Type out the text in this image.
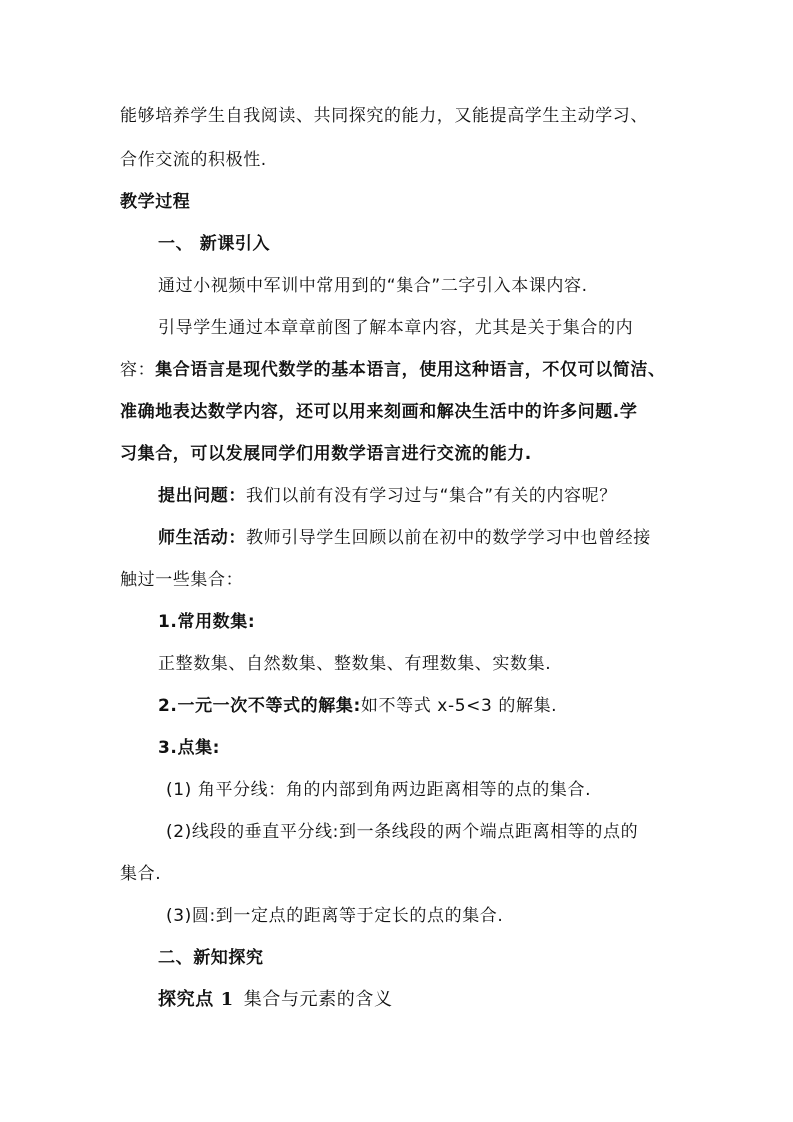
能够培养学生自我阅读、共同探究的能力，又能提高学生主动学习、
合作交流的积极性.
教学过程
一、 新课引入
通过小视频中军训中常用到的“集合”二字引入本课内容.
引导学生通过本章章前图了解本章内容，尤其是关于集合的内
容：集合语言是现代数学的基本语言，使用这种语言，不仅可以简洁、
准确地表达数学内容，还可以用来刻画和解决生活中的许多问题.学
习集合，可以发展同学们用数学语言进行交流的能力.
提出问题：我们以前有没有学习过与“集合”有关的内容呢？
师生活动：教师引导学生回顾以前在初中的数学学习中也曾经接
触过一些集合：
1.常用数集:
正整数集、自然数集、整数集、有理数集、实数集.
2.一元一次不等式的解集:如不等式 x-5<3 的解集.
3.点集:
(1) 角平分线：角的内部到角两边距离相等的点的集合.
(2)线段的垂直平分线:到一条线段的两个端点距离相等的点的
集合.
(3)圆:到一定点的距离等于定长的点的集合.
二、新知探究
探究点 1 集合与元素的含义
